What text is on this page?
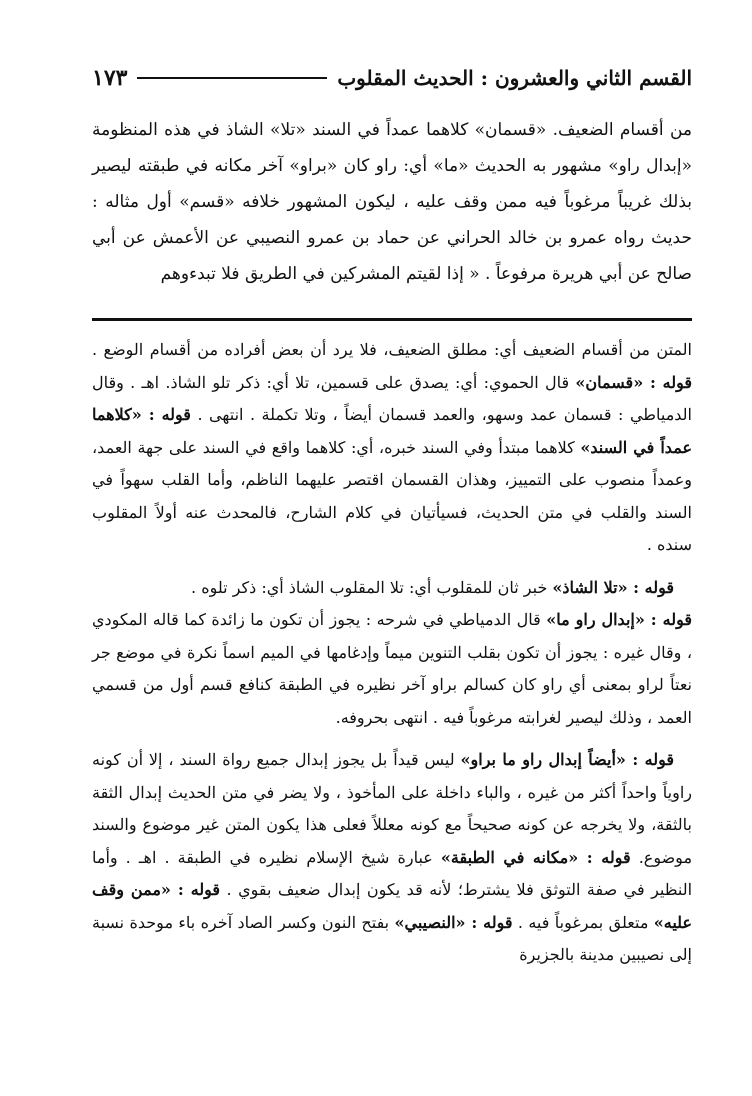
القسم الثاني والعشرون : الحديث المقلوب
١٧٣

من أقسام الضعيف. «قسمان» كلاهما عمداً في السند «تلا» الشاذ في هذه المنظومة «إبدال راو» مشهور به الحديث «ما» أي: راو كان «براو» آخر مكانه في طبقته ليصير بذلك غريباً مرغوباً فيه ممن وقف عليه ، ليكون المشهور خلافه «قسم» أول مثاله : حديث رواه عمرو بن خالد الحراني عن حماد بن عمرو النصيبي عن الأعمش عن أبي صالح عن أبي هريرة مرفوعاً . « إذا لقيتم المشركين في الطريق فلا تبدءوهم

المتن من أقسام الضعيف أي: مطلق الضعيف، فلا يرد أن بعض أفراده من أقسام الوضع . قوله : «قسمان» قال الحموي: أي: يصدق على قسمين، تلا أي: ذكر تلو الشاذ. اهـ . وقال الدمياطي : قسمان عمد وسهو، والعمد قسمان أيضاً ، وتلا تكملة . انتهى . قوله : «كلاهما عمداً في السند» كلاهما مبتدأ وفي السند خبره، أي: كلاهما واقع في السند على جهة العمد، وعمداً منصوب على التمييز، وهذان القسمان اقتصر عليهما الناظم، وأما القلب سهواً في السند والقلب في متن الحديث، فسيأتيان في كلام الشارح، فالمحدث عنه أولاً المقلوب سنده .

قوله : «تلا الشاذ» خبر ثان للمقلوب أي: تلا المقلوب الشاذ أي: ذكر تلوه .

قوله : «إبدال راو ما» قال الدمياطي في شرحه : يجوز أن تكون ما زائدة كما قاله المكودي ، وقال غيره : يجوز أن تكون بقلب التنوين ميماً وإدغامها في الميم اسماً نكرة في موضع جر نعتاً لراو بمعنى أي راو كان كسالم براو آخر نظيره في الطبقة كنافع قسم أول من قسمي العمد ، وذلك ليصير لغرابته مرغوباً فيه . انتهى بحروفه.

قوله : «أيضاً إبدال راو ما براو» ليس قيداً بل يجوز إبدال جميع رواة السند ، إلا أن كونه راوياً واحداً أكثر من غيره ، والباء داخلة على المأخوذ ، ولا يضر في متن الحديث إبدال الثقة بالثقة، ولا يخرجه عن كونه صحيحاً مع كونه معللاً فعلى هذا يكون المتن غير موضوع والسند موضوع. قوله : «مكانه في الطبقة» عبارة شيخ الإسلام نظيره في الطبقة . اهـ . وأما النظير في صفة التوثق فلا يشترط؛ لأنه قد يكون إبدال ضعيف بقوي . قوله : «ممن وقف عليه» متعلق بمرغوباً فيه . قوله : «النصيبي» بفتح النون وكسر الصاد آخره باء موحدة نسبة إلى نصيبين مدينة بالجزيرة
